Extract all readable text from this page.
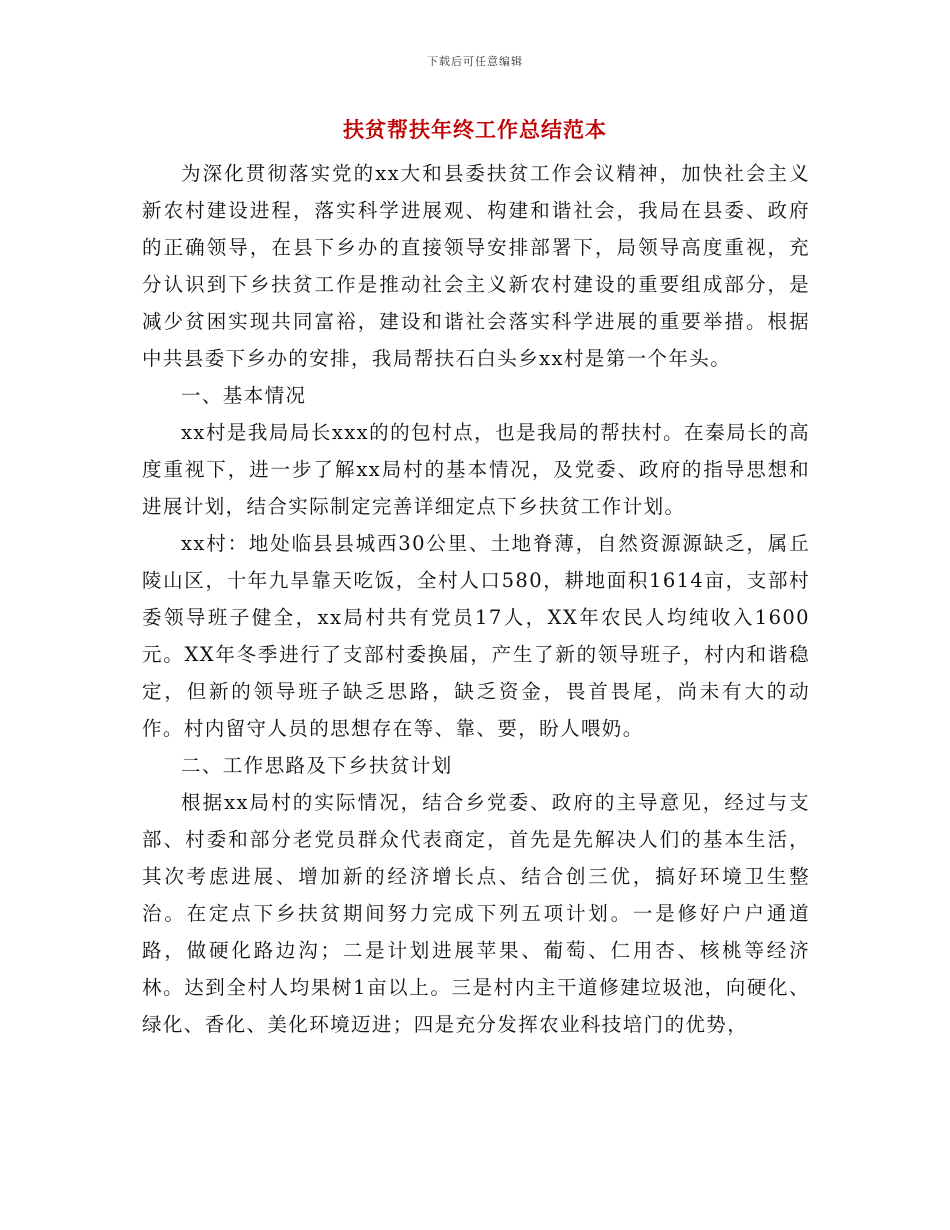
下载后可任意编辑
扶贫帮扶年终工作总结范本

为深化贯彻落实党的xx大和县委扶贫工作会议精神，加快社会主义新农村建设进程，落实科学进展观、构建和谐社会，我局在县委、政府的正确领导，在县下乡办的直接领导安排部署下，局领导高度重视，充分认识到下乡扶贫工作是推动社会主义新农村建设的重要组成部分，是减少贫困实现共同富裕，建设和谐社会落实科学进展的重要举措。根据中共县委下乡办的安排，我局帮扶石白头乡xx村是第一个年头。

一、基本情况

xx村是我局局长xxx的的包村点，也是我局的帮扶村。在秦局长的高度重视下，进一步了解xx局村的基本情况，及党委、政府的指导思想和进展计划，结合实际制定完善详细定点下乡扶贫工作计划。

xx村：地处临县县城西30公里、土地脊薄，自然资源源缺乏，属丘陵山区，十年九旱靠天吃饭，全村人口580，耕地面积1614亩，支部村委领导班子健全，xx局村共有党员17人，XX年农民人均纯收入1600元。XX年冬季进行了支部村委换届，产生了新的领导班子，村内和谐稳定，但新的领导班子缺乏思路，缺乏资金，畏首畏尾，尚未有大的动作。村内留守人员的思想存在等、靠、要，盼人喂奶。

二、工作思路及下乡扶贫计划

根据xx局村的实际情况，结合乡党委、政府的主导意见，经过与支部、村委和部分老党员群众代表商定，首先是先解决人们的基本生活，其次考虑进展、增加新的经济增长点、结合创三优，搞好环境卫生整治。在定点下乡扶贫期间努力完成下列五项计划。一是修好户户通道路，做硬化路边沟；二是计划进展苹果、葡萄、仁用杏、核桃等经济林。达到全村人均果树1亩以上。三是村内主干道修建垃圾池，向硬化、绿化、香化、美化环境迈进；四是充分发挥农业科技培门的优势，
